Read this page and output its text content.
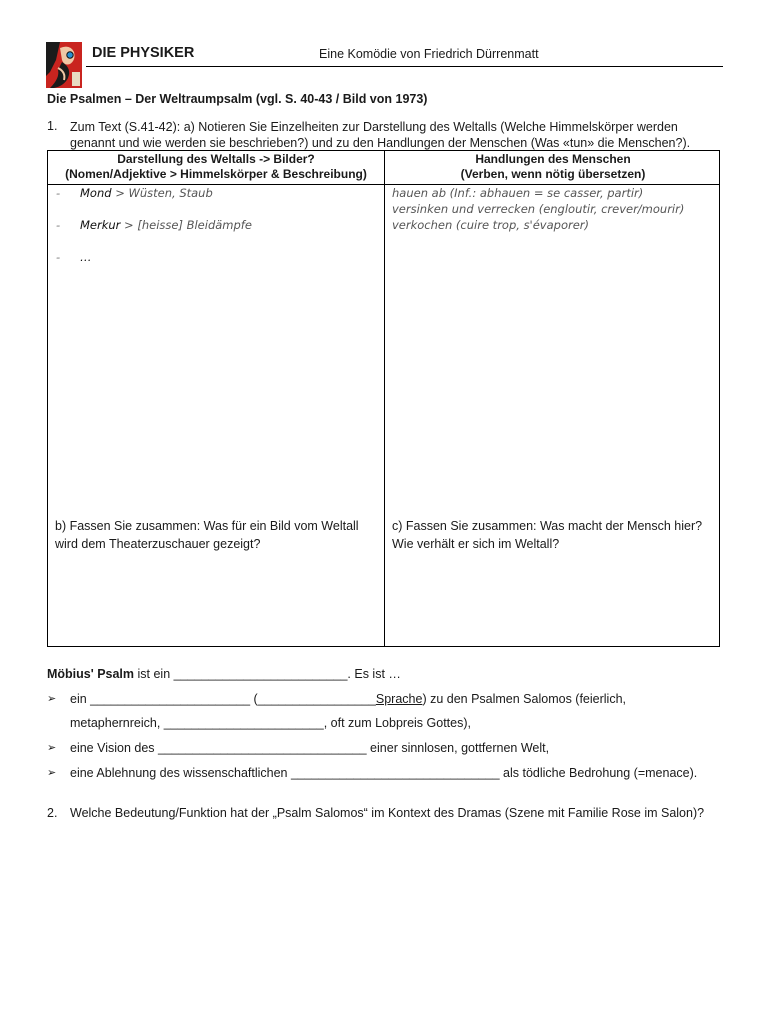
DIE PHYSIKER	Eine Komödie von Friedrich Dürrenmatt
Die Psalmen – Der Weltraumpsalm (vgl. S. 40-43 / Bild von 1973)
1. Zum Text (S.41-42): a) Notieren Sie Einzelheiten zur Darstellung des Weltalls (Welche Himmelskörper werden genannt und wie werden sie beschrieben?) und zu den Handlungen der Menschen (Was «tun» die Menschen?).
Darstellung des Weltalls -> Bilder?
(Nomen/Adjektive > Himmelskörper & Beschreibung)
Handlungen des Menschen
(Verben, wenn nötig übersetzen)
- Mond > Wüsten, Staub
- Merkur > [heisse] Bleidämpfe
- …
hauen ab (Inf.: abhauen = se casser, partir)
versinken und verrecken (engloutir, crever/mourir)
verkochen (cuire trop, s'évaporer)
b) Fassen Sie zusammen: Was für ein Bild vom Weltall wird dem Theaterzuschauer gezeigt?
c) Fassen Sie zusammen: Was macht der Mensch hier? Wie verhält er sich im Weltall?
Möbius' Psalm ist ein _________________________. Es ist …
➢ ein _______________________ (_________________Sprache) zu den Psalmen Salomos (feierlich,
metaphernreich, _______________________, oft zum Lobpreis Gottes),
➢ eine Vision des ______________________________ einer sinnlosen, gottfernen Welt,
➢ eine Ablehnung des wissenschaftlichen ______________________________ als tödliche Bedrohung (=menace).
2. Welche Bedeutung/Funktion hat der „Psalm Salomos“ im Kontext des Dramas (Szene mit Familie Rose im Salon)?
